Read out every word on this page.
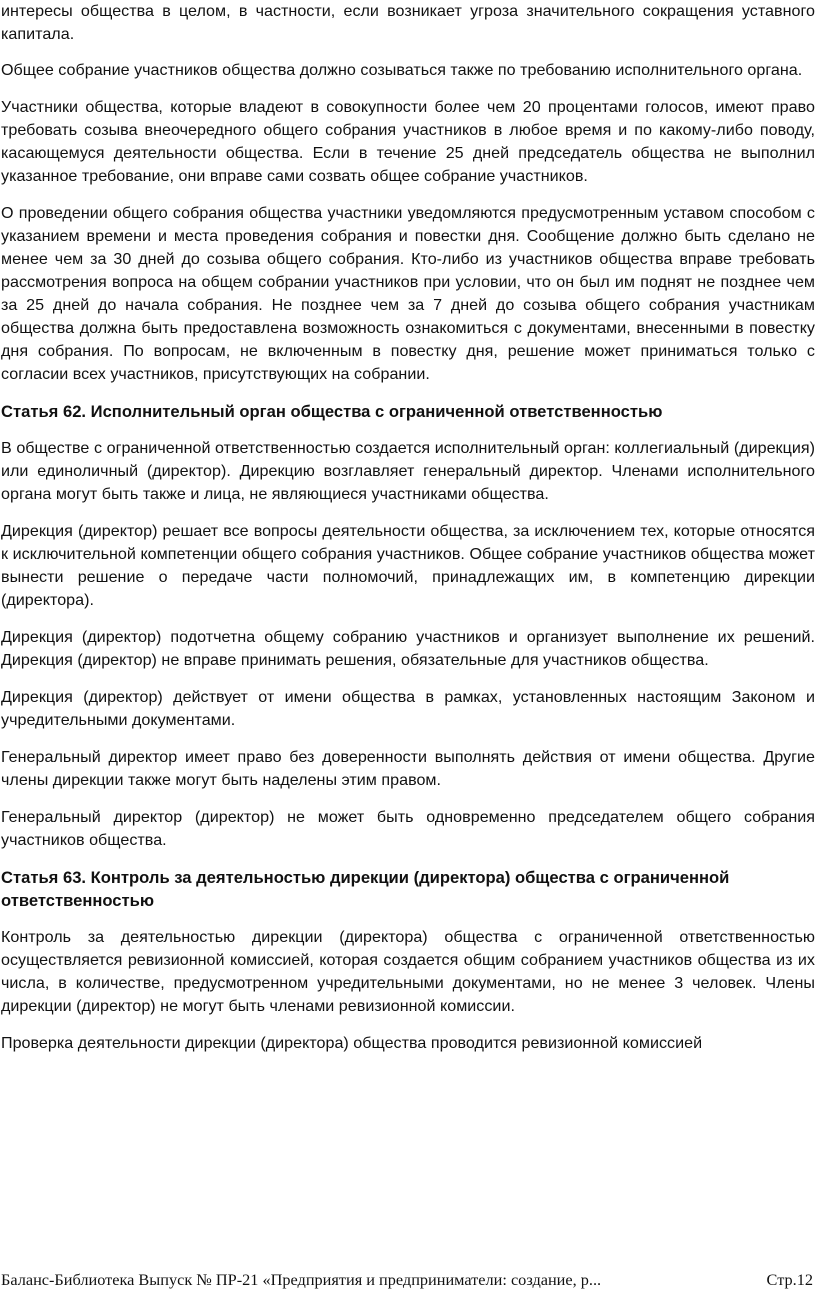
интересы общества в целом, в частности, если возникает угроза значительного сокращения уставного капитала.

Общее собрание участников общества должно созываться также по требованию исполнительного органа.

Участники общества, которые владеют в совокупности более чем 20 процентами голосов, имеют право требовать созыва внеочередного общего собрания участников в любое время и по какому-либо поводу, касающемуся деятельности общества. Если в течение 25 дней председатель общества не выполнил указанное требование, они вправе сами созвать общее собрание участников.

О проведении общего собрания общества участники уведомляются предусмотренным уставом способом с указанием времени и места проведения собрания и повестки дня. Сообщение должно быть сделано не менее чем за 30 дней до созыва общего собрания. Кто-либо из участников общества вправе требовать рассмотрения вопроса на общем собрании участников при условии, что он был им поднят не позднее чем за 25 дней до начала собрания. Не позднее чем за 7 дней до созыва общего собрания участникам общества должна быть предоставлена возможность ознакомиться с документами, внесенными в повестку дня собрания. По вопросам, не включенным в повестку дня, решение может приниматься только с согласии всех участников, присутствующих на собрании.

Статья 62. Исполнительный орган общества с ограниченной ответственностью

В обществе с ограниченной ответственностью создается исполнительный орган: коллегиальный (дирекция) или единоличный (директор). Дирекцию возглавляет генеральный директор. Членами исполнительного органа могут быть также и лица, не являющиеся участниками общества.

Дирекция (директор) решает все вопросы деятельности общества, за исключением тех, которые относятся к исключительной компетенции общего собрания участников. Общее собрание участников общества может вынести решение о передаче части полномочий, принадлежащих им, в компетенцию дирекции (директора).

Дирекция (директор) подотчетна общему собранию участников и организует выполнение их решений. Дирекция (директор) не вправе принимать решения, обязательные для участников общества.

Дирекция (директор) действует от имени общества в рамках, установленных настоящим Законом и учредительными документами.

Генеральный директор имеет право без доверенности выполнять действия от имени общества. Другие члены дирекции также могут быть наделены этим правом.

Генеральный директор (директор) не может быть одновременно председателем общего собрания участников общества.

Статья 63. Контроль за деятельностью дирекции (директора) общества с ограниченной ответственностью

Контроль за деятельностью дирекции (директора) общества с ограниченной ответственностью осуществляется ревизионной комиссией, которая создается общим собранием участников общества из их числа, в количестве, предусмотренном учредительными документами, но не менее 3 человек. Члены дирекции (директор) не могут быть членами ревизионной комиссии.

Проверка деятельности дирекции (директора) общества проводится ревизионной комиссией

Баланс-Библиотека Выпуск № ПР-21 «Предприятия и предприниматели: создание, р...	Стр.12
